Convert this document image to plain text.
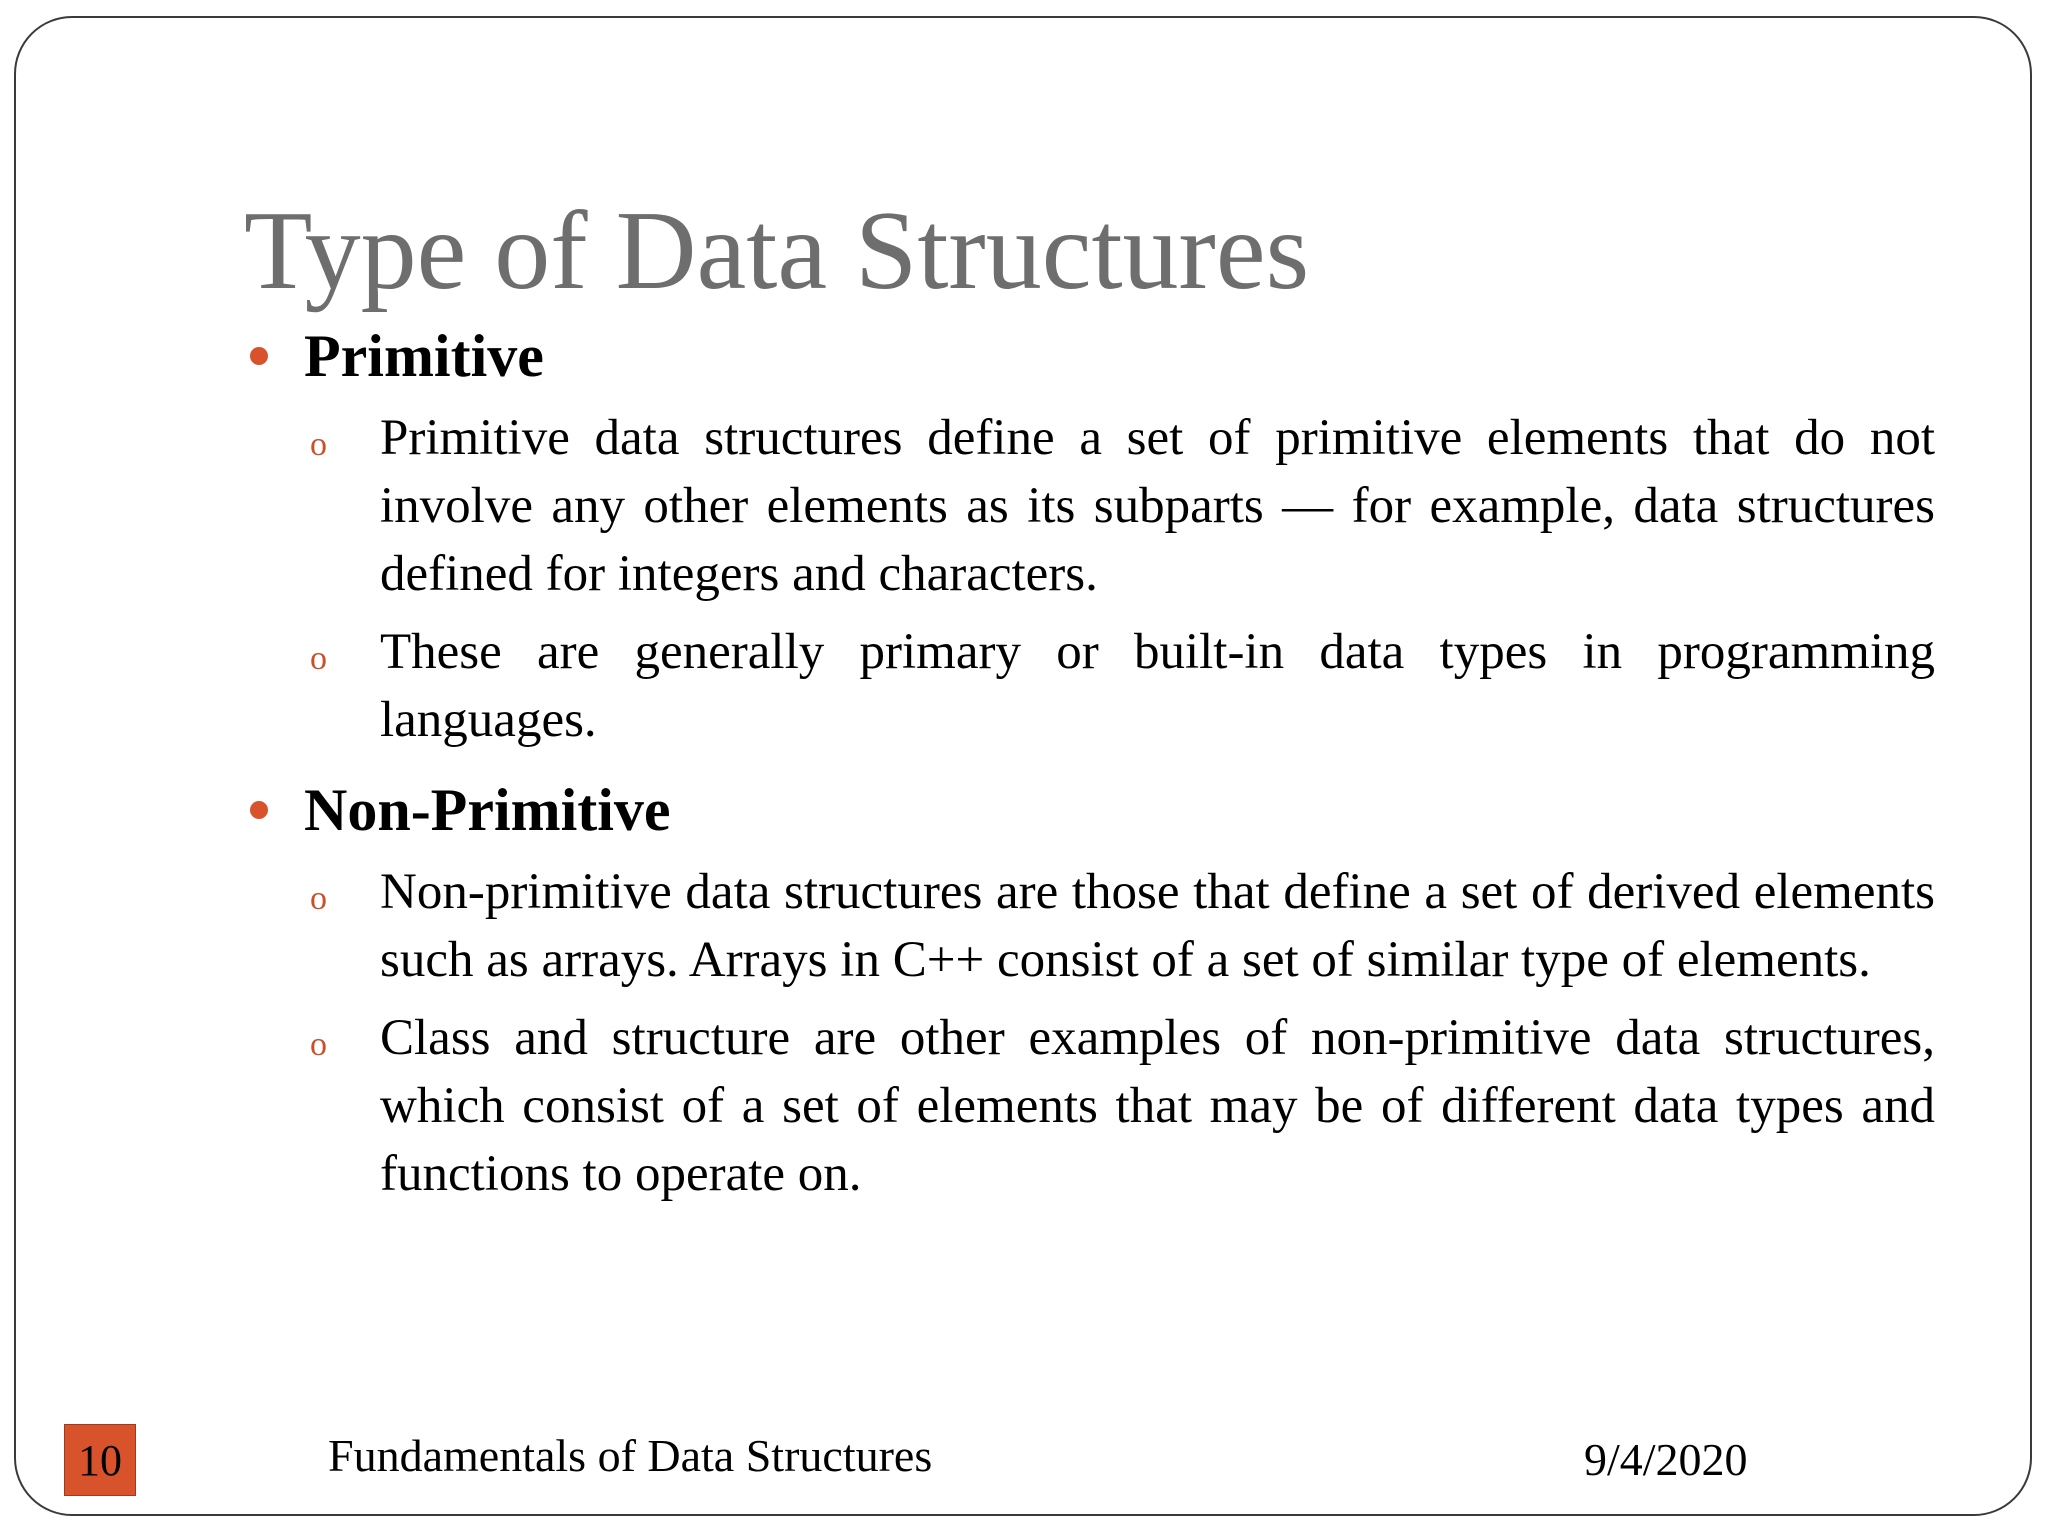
Type of Data Structures
Primitive
o	Primitive data structures define a set of primitive elements that do not involve any other elements as its subparts — for example, data structures defined for integers and characters.
o	These are generally primary or built-in data types in programming languages.
Non-Primitive
o	Non-primitive data structures are those that define a set of derived elements such as arrays. Arrays in C++ consist of a set of similar type of elements.
o	Class and structure are other examples of non-primitive data structures, which consist of a set of elements that may be of different data types and functions to operate on.
10	Fundamentals of Data Structures	9/4/2020
